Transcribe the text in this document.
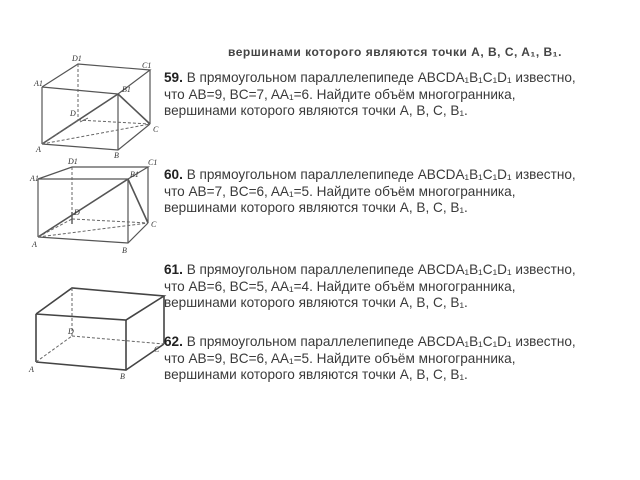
вершинами которого являются точки A, B, C, A₁, B₁.
A1
D1
C1
B1
D
A
B
C
A1
D1	C1
B1
D
A
B
C
D
A
B
C
59. В прямоугольном параллелепипеде ABCDA₁B₁C₁D₁ известно, что AB=9, BC=7, AA₁=6. Найдите объём многогранника, вершинами которого являются точки A, B, C, B₁.
60. В прямоугольном параллелепипеде ABCDA₁B₁C₁D₁ известно, что AB=7, BC=6, AA₁=5. Найдите объём многогранника, вершинами которого являются точки A, B, C, B₁.
61. В прямоугольном параллелепипеде ABCDA₁B₁C₁D₁ известно, что AB=6, BC=5, AA₁=4. Найдите объём многогранника, вершинами которого являются точки A, B, C, B₁.
62. В прямоугольном параллелепипеде ABCDA₁B₁C₁D₁ известно, что AB=9, BC=6, AA₁=5. Найдите объём многогранника, вершинами которого являются точки A, B, C, B₁.
